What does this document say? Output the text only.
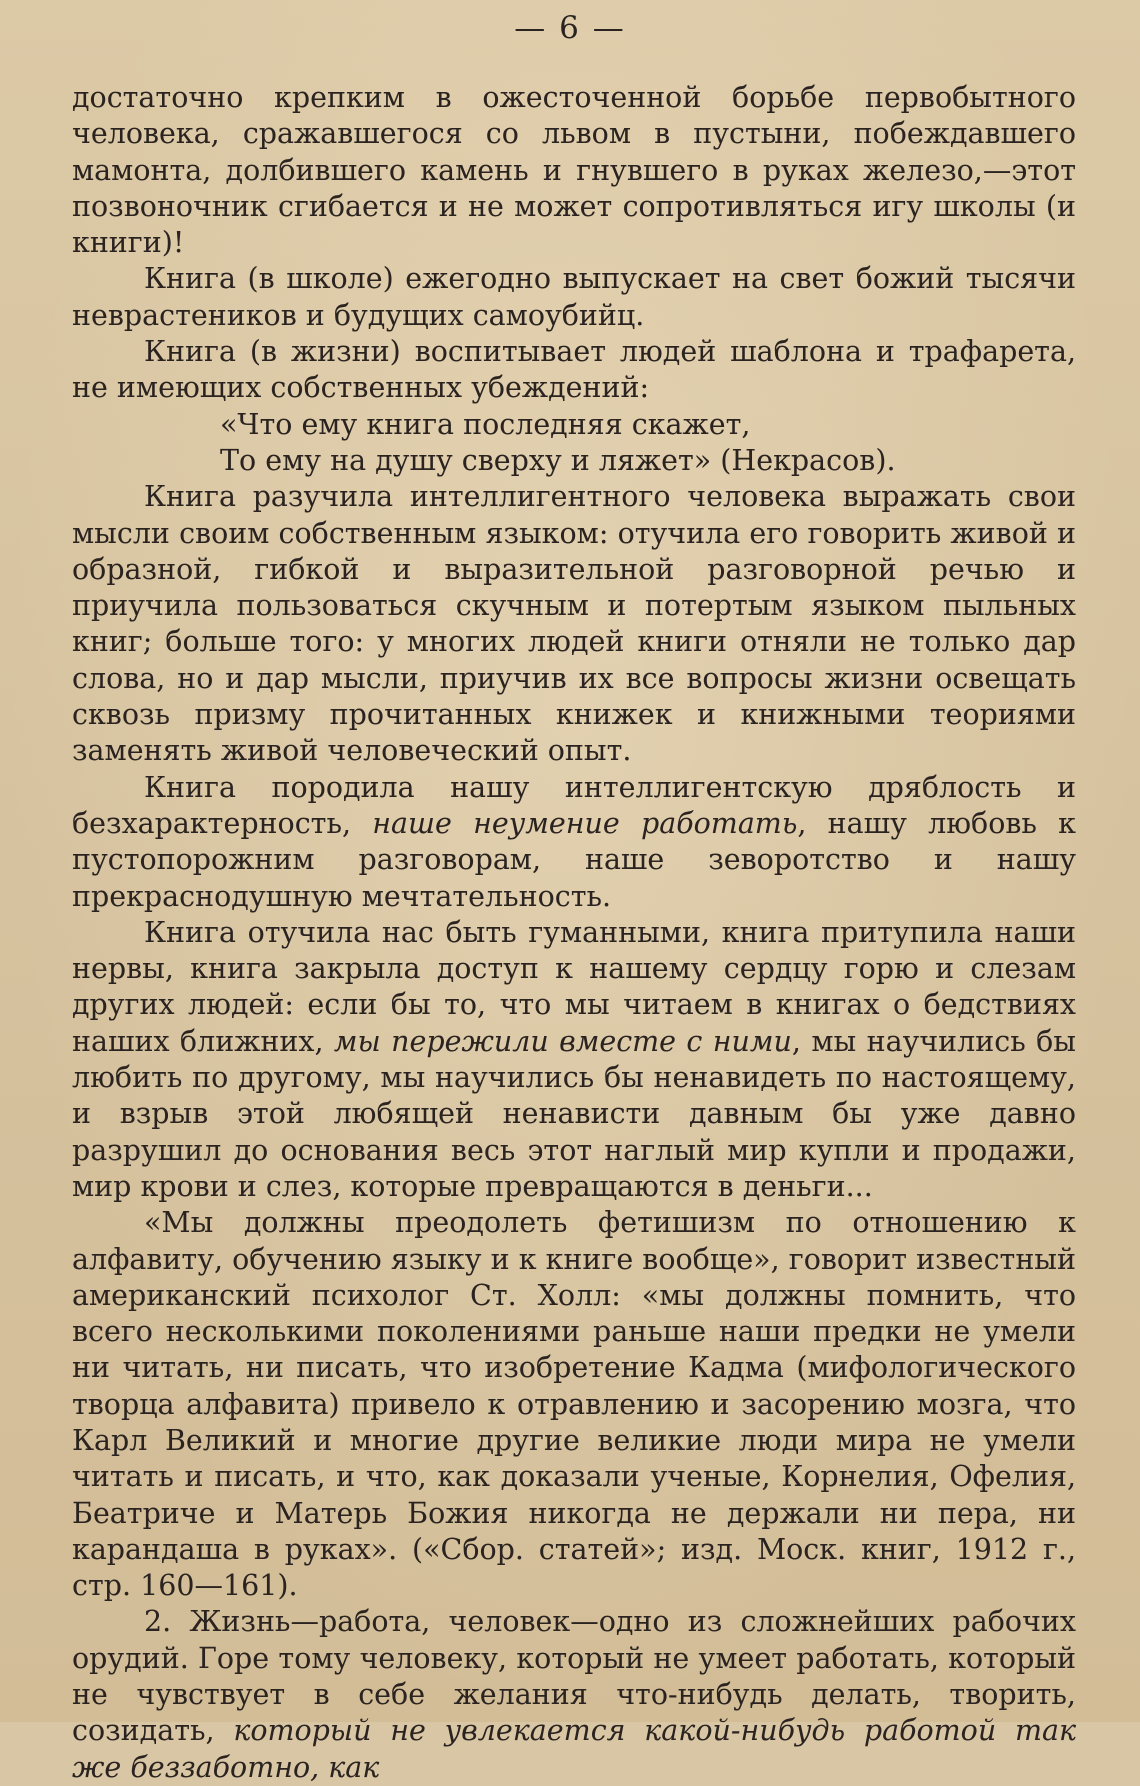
— 6 —

достаточно крепким в ожесточенной борьбе первобытного человека, сражавшегося со львом в пустыни, побеждавшего мамонта, долбившего камень и гнувшего в руках железо,—этот позвоночник сгибается и не может сопротивляться игу школы (и книги)!

Книга (в школе) ежегодно выпускает на свет божий тысячи неврастеников и будущих самоубийц.

Книга (в жизни) воспитывает людей шаблона и трафарета, не имеющих собственных убеждений:

«Что ему книга последняя скажет,
То ему на душу сверху и ляжет» (Некрасов).

Книга разучила интеллигентного человека выражать свои мысли своим собственным языком: отучила его говорить живой и образной, гибкой и выразительной разговорной речью и приучила пользоваться скучным и потертым языком пыльных книг; больше того: у многих людей книги отняли не только дар слова, но и дар мысли, приучив их все вопросы жизни освещать сквозь призму прочитанных книжек и книжными теориями заменять живой человеческий опыт.

Книга породила нашу интеллигентскую дряблость и безхарактерность, наше неумение работать, нашу любовь к пустопорожним разговорам, наше зеворотство и нашу прекраснодушную мечтательность.

Книга отучила нас быть гуманными, книга притупила наши нервы, книга закрыла доступ к нашему сердцу горю и слезам других людей: если бы то, что мы читаем в книгах о бедствиях наших ближних, мы пережили вместе с ними, мы научились бы любить по другому, мы научились бы ненавидеть по настоящему, и взрыв этой любящей ненависти давным бы уже давно разрушил до основания весь этот наглый мир купли и продажи, мир крови и слез, которые превращаются в деньги...

«Мы должны преодолеть фетишизм по отношению к алфавиту, обучению языку и к книге вообще», говорит известный американский психолог Ст. Холл: «мы должны помнить, что всего несколькими поколениями раньше наши предки не умели ни читать, ни писать, что изобретение Кадма (мифологического творца алфавита) привело к отравлению и засорению мозга, что Карл Великий и многие другие великие люди мира не умели читать и писать, и что, как доказали ученые, Корнелия, Офелия, Беатриче и Матерь Божия никогда не держали ни пера, ни карандаша в руках». («Сбор. статей»; изд. Моск. книг, 1912 г., стр. 160—161).

2. Жизнь—работа, человек—одно из сложнейших рабочих орудий. Горе тому человеку, который не умеет работать, который не чувствует в себе желания что-нибудь делать, творить, созидать, который не увлекается какой-нибудь работой так же беззаботно, как
